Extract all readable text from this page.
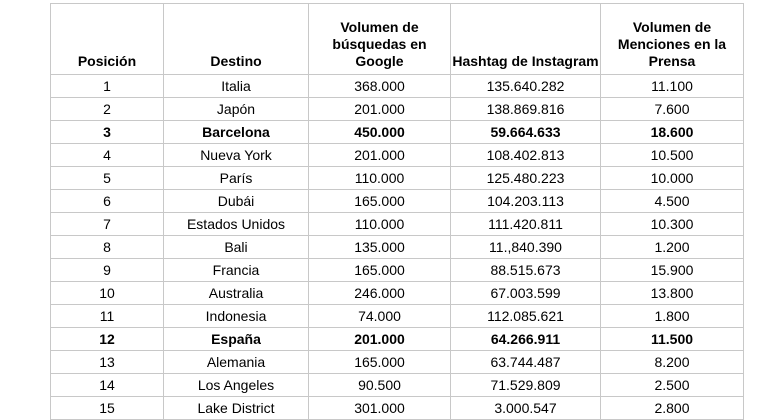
Posición	Destino	Volumen de búsquedas en Google	Hashtag de Instagram	Volumen de Menciones en la Prensa
1	Italia	368.000	135.640.282	11.100
2	Japón	201.000	138.869.816	7.600
3	Barcelona	450.000	59.664.633	18.600
4	Nueva York	201.000	108.402.813	10.500
5	París	110.000	125.480.223	10.000
6	Dubái	165.000	104.203.113	4.500
7	Estados Unidos	110.000	111.420.811	10.300
8	Bali	135.000	11.,840.390	1.200
9	Francia	165.000	88.515.673	15.900
10	Australia	246.000	67.003.599	13.800
11	Indonesia	74.000	112.085.621	1.800
12	España	201.000	64.266.911	11.500
13	Alemania	165.000	63.744.487	8.200
14	Los Angeles	90.500	71.529.809	2.500
15	Lake District	301.000	3.000.547	2.800
